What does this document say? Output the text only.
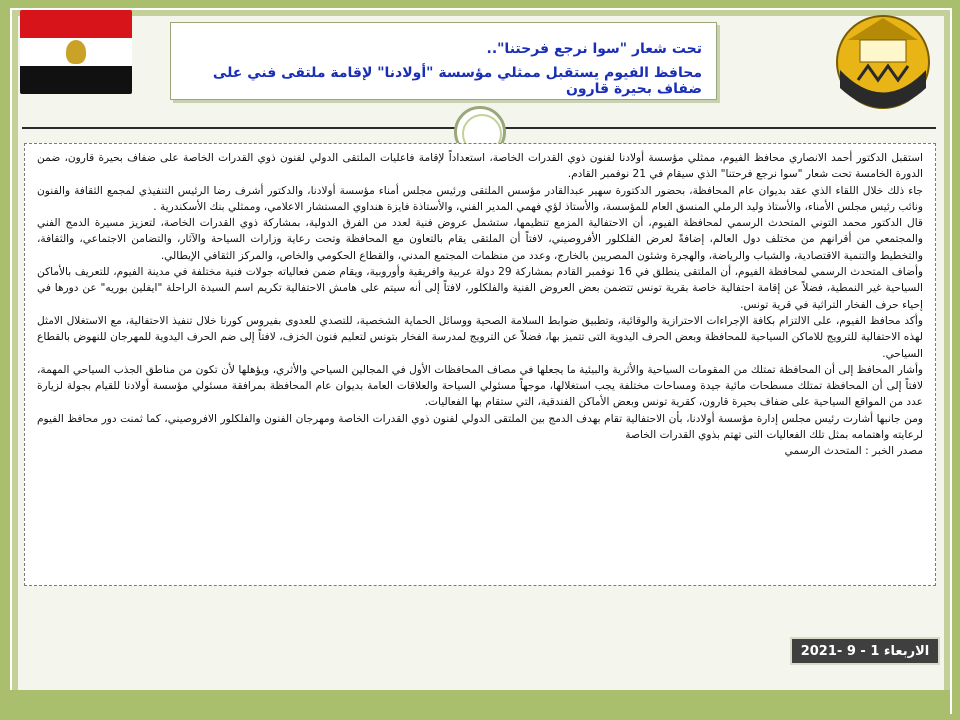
تحت شعار "سوا نرجع فرحتنا"..
محافظ الفيوم يستقبل ممثلي مؤسسة "أولادنا" لإقامة ملتقى فني على ضفاف بحيرة قارون

استقبل الدكتور أحمد الانصاري محافظ الفيوم، ممثلي مؤسسة أولادنا لفنون ذوي القدرات الخاصة، استعداداً لإقامة فاعليات الملتقى الدولي لفنون ذوي القدرات الخاصة على ضفاف بحيرة قارون، ضمن الدورة الخامسة تحت شعار "سوا نرجع فرحتنا" الذي سيقام في 21 نوفمبر القادم.

جاء ذلك خلال اللقاء الذي عقد بديوان عام المحافظة، بحضور الدكتورة سهير عبدالقادر مؤسس الملتقى ورئيس مجلس أمناء مؤسسة أولادنا، والدكتور أشرف رضا الرئيس التنفيذي لمجمع الثقافة والفنون ونائب رئيس مجلس الأمناء، والأستاذ وليد الرملي المنسق العام للمؤسسة، والأستاذ لؤي فهمي المدير الفني، والأستاذة فايزة هنداوي المستشار الاعلامي، وممثلي بنك الأسكندرية .

قال الدكتور محمد التوني المتحدث الرسمي لمحافظة الفيوم، أن الاحتفالية المزمع تنظيمها، ستشمل عروض فنية لعدد من الفرق الدولية، بمشاركة ذوي القدرات الخاصة، لتعزيز مسيرة الدمج الفني والمجتمعي من أقرانهم من مختلف دول العالم، إضافةً لعرض الفلكلور الأفروصيني، لافتاً أن الملتقى يقام بالتعاون مع المحافظة وتحت رعاية وزارات السياحة والآثار، والتضامن الاجتماعي، والثقافة، والتخطيط والتنمية الاقتصادية، والشباب والرياضة، والهجرة وشئون المصريين بالخارج، وعدد من منظمات المجتمع المدني، والقطاع الحكومي والخاص، والمركز الثقافي الإيطالي.

وأضاف المتحدث الرسمي لمحافظة الفيوم، أن الملتقى ينطلق في 16 نوفمبر القادم بمشاركة 29 دولة عربية وافريقية وأوروبية، ويقام ضمن فعالياته جولات فنية مختلفة في مدينة الفيوم، للتعريف بالأماكن السياحية غير النمطية، فضلاً عن إقامة احتفالية خاصة بقرية تونس تتضمن بعض العروض الفنية والفلكلور، لافتاً إلى أنه سيتم على هامش الاحتفالية تكريم اسم السيدة الراحلة "ايفلين بوريه" عن دورها في إحياء حرف الفخار التراثية في قرية تونس.

وأكد محافظ الفيوم، على الالتزام بكافة الإجراءات الاحترازية والوقائية، وتطبيق ضوابط السلامة الصحية ووسائل الحماية الشخصية، للتصدي للعدوى بفيروس كورنا خلال تنفيذ الاحتفالية، مع الاستغلال الامثل لهذه الاحتفالية للترويج للاماكن السياحية للمحافظة وبعض الحرف اليدوية التى تتميز بها، فضلاً عن الترويج لمدرسة الفخار بتونس لتعليم فنون الخزف، لافتاً إلى ضم الحرف اليدوية للمهرجان للنهوض بالقطاع السياحي.

وأشار المحافظ إلى أن المحافظة تمتلك من المقومات السياحية والأثرية والبيئية ما يجعلها في مصاف المحافظات الأول في المجالين السياحي والأثري، ويؤهلها لأن تكون من مناطق الجذب السياحي المهمة، لافتاً إلى أن المحافظة تمتلك مسطحات مائية جيدة ومساحات مختلفة يجب استغلالها، موجهاً مسئولي السياحة والعلاقات العامة بديوان عام المحافظة بمرافقة مسئولي مؤسسة أولادنا للقيام بجولة لزيارة عدد من المواقع السياحية على ضفاف بحيرة قارون، كقرية تونس وبعض الأماكن الفندقية، التي ستقام بها الفعاليات.

ومن جانبها أشارت رئيس مجلس إدارة مؤسسة أولادنا، بأن الاحتفالية تقام بهدف الدمج بين الملتقى الدولي لفنون ذوي القدرات الخاصة ومهرجان الفنون والفلكلور الافروصيني، كما ثمنت دور محافظ الفيوم لرعايته واهتمامه بمثل تلك الفعاليات التى تهتم بذوي القدرات الخاصة

مصدر الخبر : المتحدث الرسمي

الاربعاء 1 - 9 -2021
